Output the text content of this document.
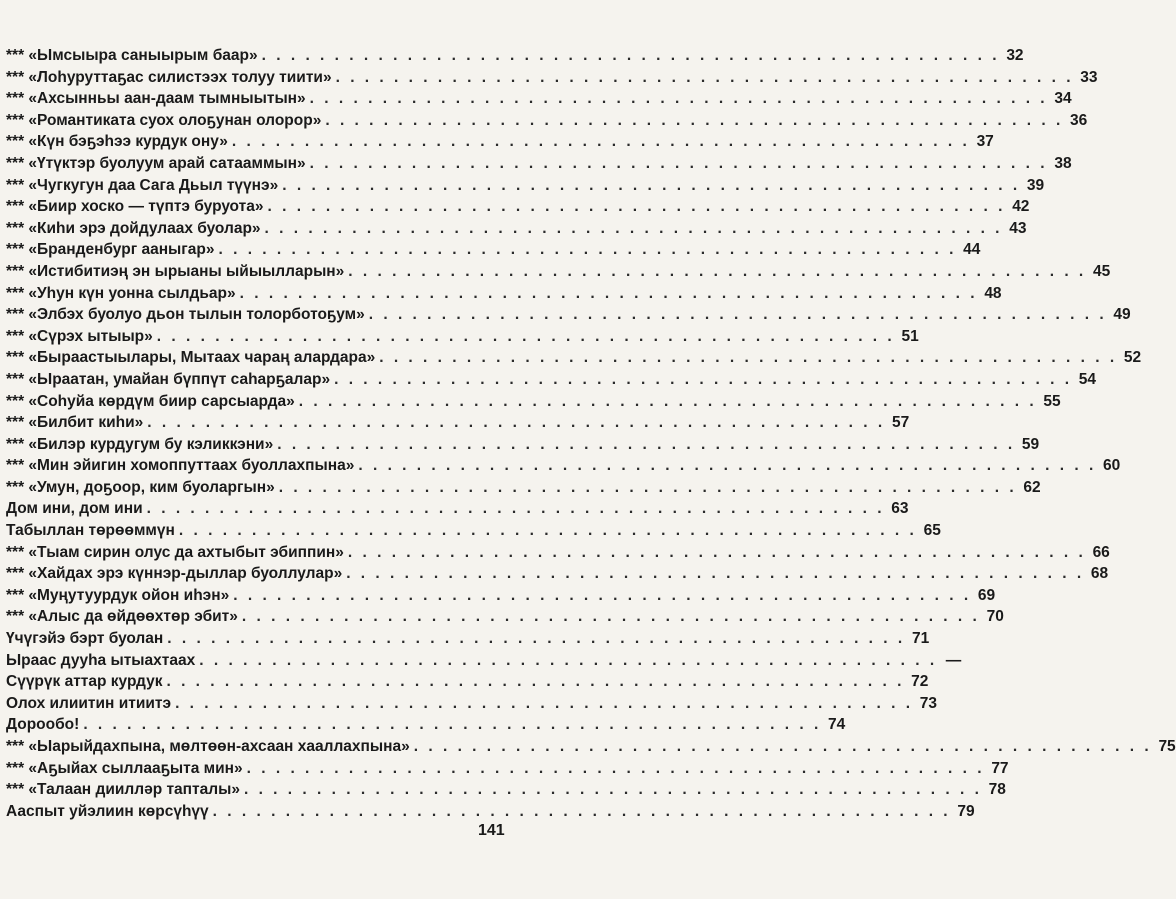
*** «Ымсыыра саныырым баар» . . .	32
*** «Лоһуруттаҕас силистээх толуу тиити» . . .	33
*** «Ахсынньы аан-даам тымныытын» . . .	34
*** «Романтиката суох олоҕунан олорор» . . .	36
*** «Күн бэҕэһээ курдук ону» . . .	37
*** «Үтүктэр буолуум арай сатааммын» . . .	38
*** «Чугкугун даа Сага Дьыл түүнэ» . . .	39
*** «Биир хоско — түптэ буруота» . . .	42
*** «Киһи эрэ дойдулаах буолар» . . .	43
*** «Бранденбург ааныгар» . . .	44
*** «Истибитиэң эн ырыаны ыйыылларын» . . .	45
*** «Уһун күн уонна сылдьар» . . .	48
*** «Элбэх буолуо дьон тылын толорботоҕум» . . .	49
*** «Сүрэх ытыыр» . . .	51
*** «Быраастыылары, Мытаах чараң алардара» . . .	52
*** «Ыраатан, умайан бүппүт саһарҕалар» . . .	54
*** «Соһуйа көрдүм биир сарсыарда» . . .	55
*** «Билбит киһи» . . .	57
*** «Билэр курдугум бу кэликкэни» . . .	59
*** «Мин эйигин хомоппуттаах буоллахпына» . . .	60
*** «Умун, доҕоор, ким буоларгын» . . .	62
Дом ини, дом ини . . .	63
Табыллан төрөөммүн . . .	65
*** «Тыам сирин олус да ахтыбыт эбиппин» . . .	66
*** «Хайдах эрэ күннэр-дыллар буоллулар» . . .	68
*** «Муңутуурдук ойон иһэн» . . .	69
*** «Алыс да өйдөөхтөр эбит» . . .	70
Үчүгэйэ бэрт буолан . . .	71
Ыраас дууһа ытыахтаах . . .	—
Сүүрүк аттар курдук . . .	72
Олох илиитин итиитэ . . .	73
Дорообо! . . .	74
*** «Ыарыйдахпына, мөлтөөн-ахсаан хааллахпына» . . .	75
*** «Аҕыйах сыллааҕыта мин» . . .	77
*** «Талаан диилләр тапталы» . . .	78
Ааспыт уйэлиин көрсүһүү . . .	79
141
